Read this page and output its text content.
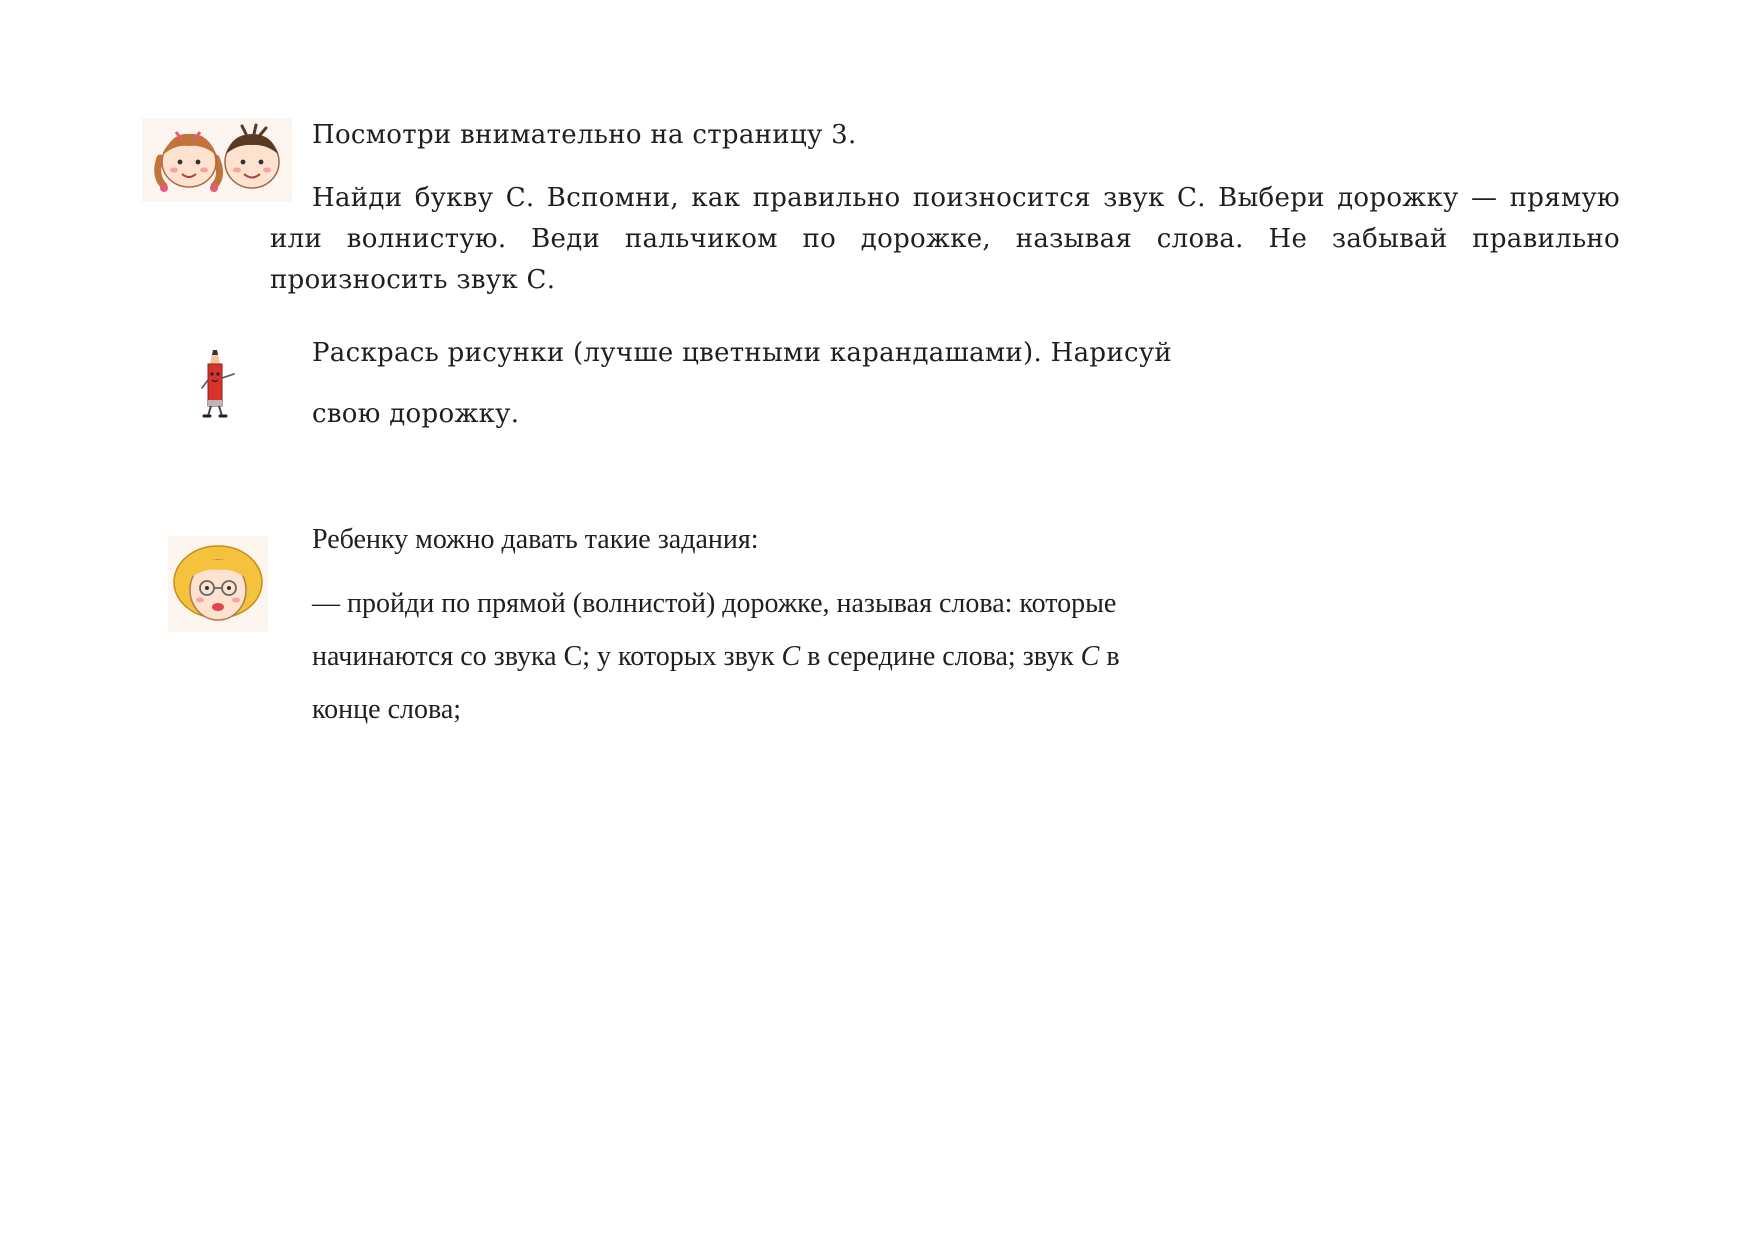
Посмотри внимательно на страницу 3.

Найди букву С. Вспомни, как правильно поизносится звук С. Выбери дорожку — прямую
или волнистую. Веди пальчиком по дорожке, называя слова. Не забывай правильно
произносить звук С.

Раскрась рисунки (лучше цветными карандашами). Нарисуй

свою дорожку.

Ребенку можно давать такие задания:

— пройди по прямой (волнистой) дорожке, называя слова: которые

начинаются со звука С; у которых звук С в середине слова; звук С в

конце слова;
